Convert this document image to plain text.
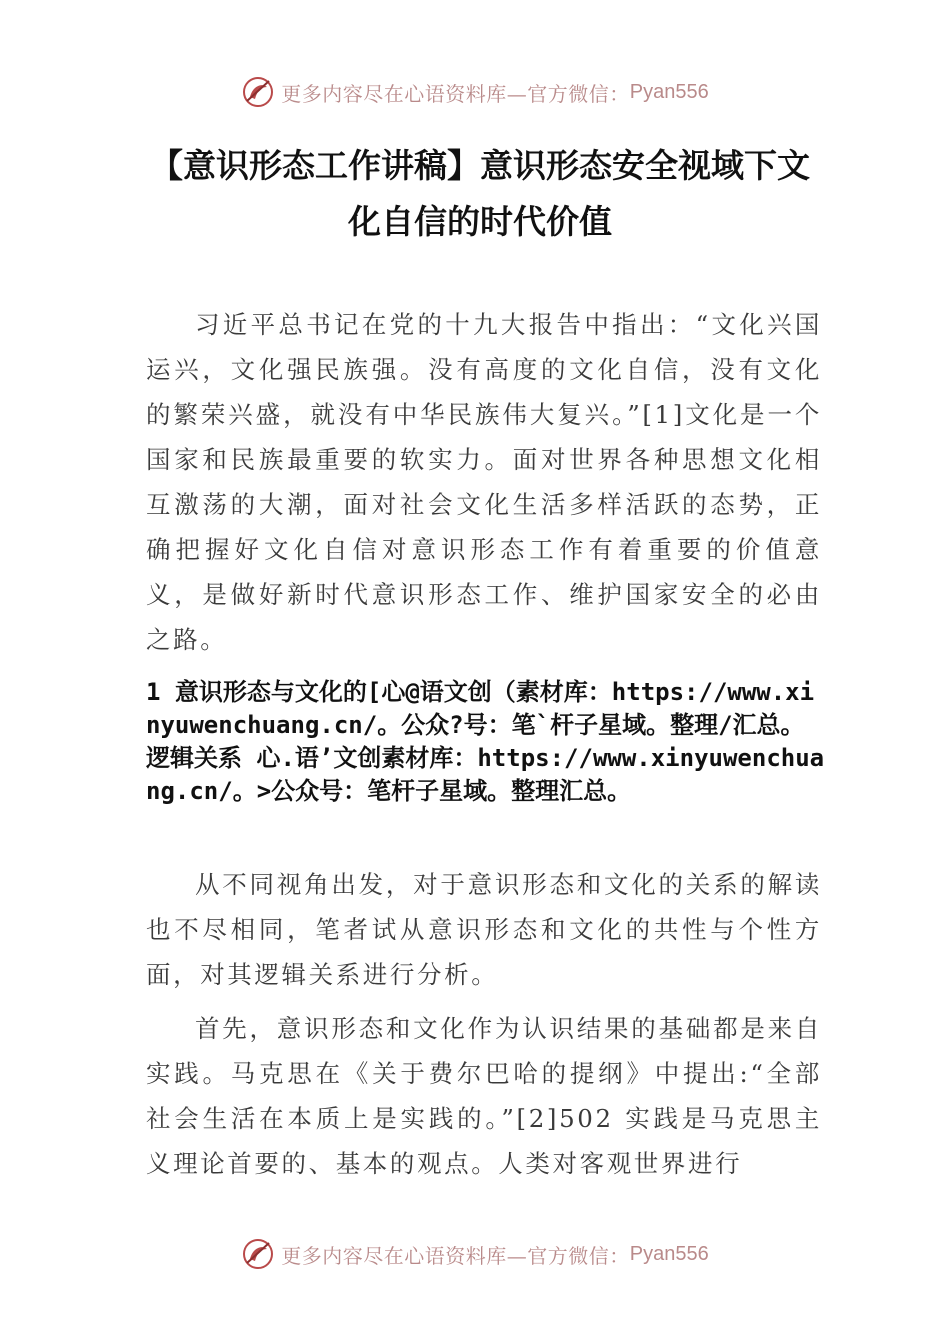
更多内容尽在心语资料库—官方微信： Pyan556
【意识形态工作讲稿】意识形态安全视域下文化自信的时代价值

习近平总书记在党的十九大报告中指出：“文化兴国运兴，文化强民族强。没有高度的文化自信，没有文化的繁荣兴盛，就没有中华民族伟大复兴。”[1]文化是一个国家和民族最重要的软实力。面对世界各种思想文化相互激荡的大潮，面对社会文化生活多样活跃的态势，正确把握好文化自信对意识形态工作有着重要的价值意义，是做好新时代意识形态工作、维护国家安全的必由之路。

1 意识形态与文化的[心@语文创（素材库：https://www.xinyuwenchuang.cn/。公众?号：笔`杆子星域。整理/汇总。逻辑关系 心.语’文创素材库：https://www.xinyuwenchuang.cn/。>公众号：笔杆子星域。整理汇总。

从不同视角出发，对于意识形态和文化的关系的解读也不尽相同，笔者试从意识形态和文化的共性与个性方面，对其逻辑关系进行分析。

首先，意识形态和文化作为认识结果的基础都是来自实践。马克思在《关于费尔巴哈的提纲》中提出:“全部社会生活在本质上是实践的。”[2]502 实践是马克思主义理论首要的、基本的观点。人类对客观世界进行

更多内容尽在心语资料库—官方微信： Pyan556
